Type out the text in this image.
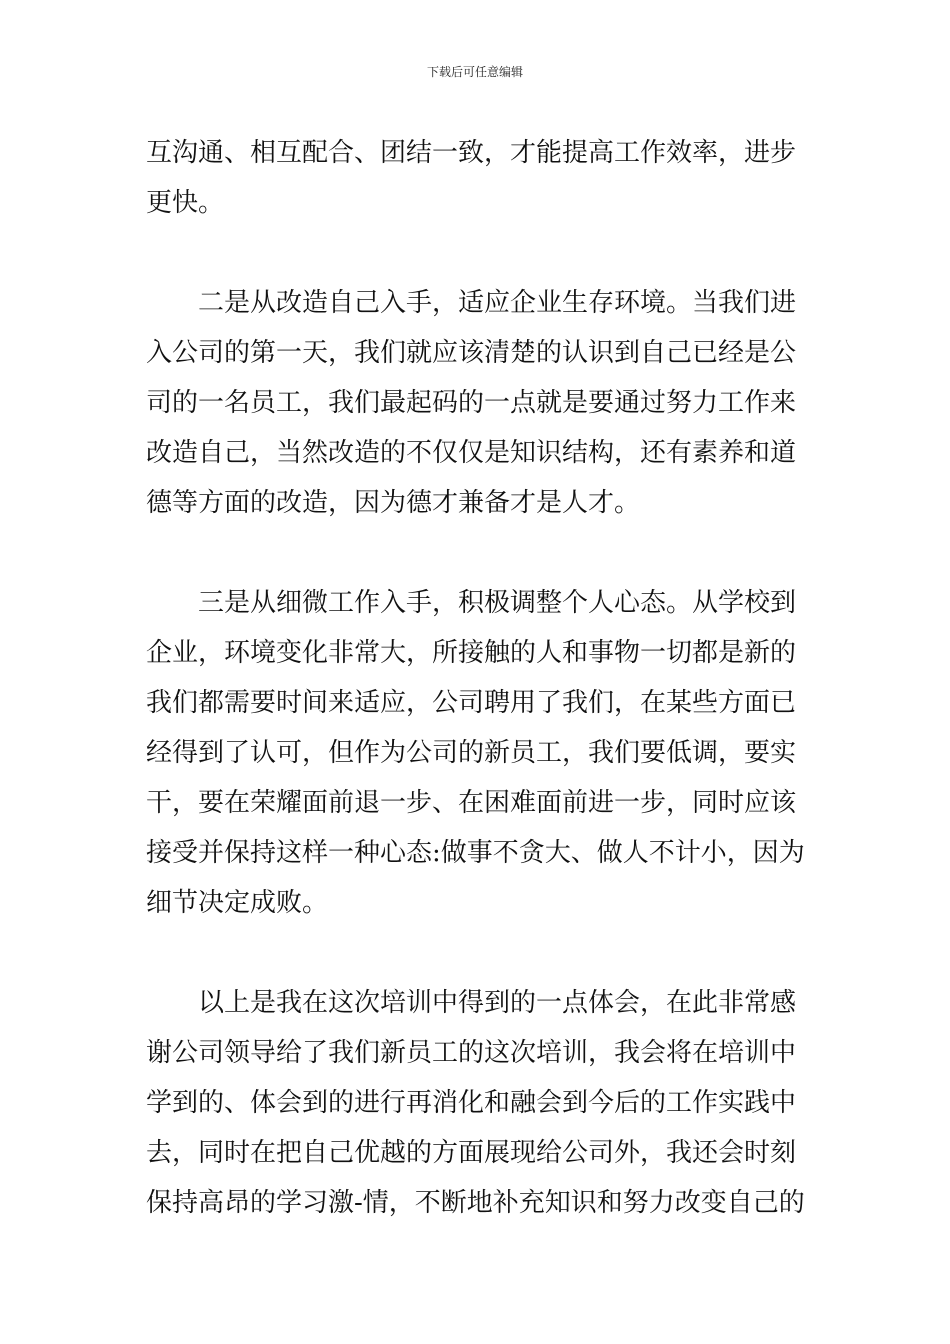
下载后可任意编辑
互沟通、相互配合、团结一致，才能提高工作效率，进步
更快。
二是从改造自己入手，适应企业生存环境。当我们进
入公司的第一天，我们就应该清楚的认识到自己已经是公
司的一名员工，我们最起码的一点就是要通过努力工作来
改造自己，当然改造的不仅仅是知识结构，还有素养和道
德等方面的改造，因为德才兼备才是人才。
三是从细微工作入手，积极调整个人心态。从学校到
企业，环境变化非常大，所接触的人和事物一切都是新的
我们都需要时间来适应，公司聘用了我们，在某些方面已
经得到了认可，但作为公司的新员工，我们要低调，要实
干，要在荣耀面前退一步、在困难面前进一步，同时应该
接受并保持这样一种心态:做事不贪大、做人不计小，因为
细节决定成败。
以上是我在这次培训中得到的一点体会，在此非常感
谢公司领导给了我们新员工的这次培训，我会将在培训中
学到的、体会到的进行再消化和融会到今后的工作实践中
去，同时在把自己优越的方面展现给公司外，我还会时刻
保持高昂的学习激-情，不断地补充知识和努力改变自己的
